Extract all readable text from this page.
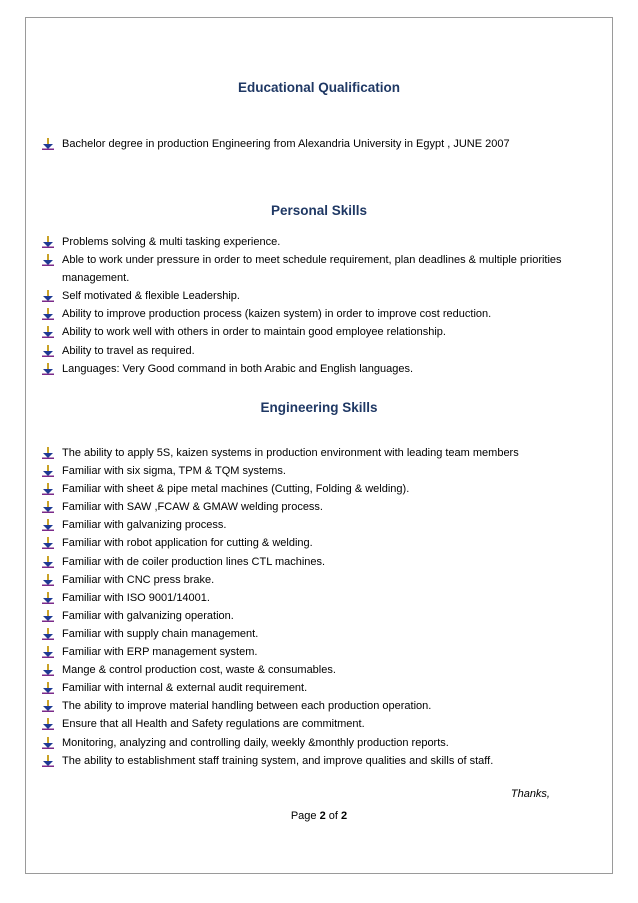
Educational Qualification
Bachelor degree in production Engineering from Alexandria University in Egypt , JUNE 2007
Personal Skills
Problems solving & multi tasking experience.
Able to work under pressure in order to meet schedule requirement, plan deadlines & multiple priorities management.
Self motivated & flexible Leadership.
Ability to improve production process (kaizen system) in order to improve cost reduction.
Ability to work well with others in order to maintain good employee relationship.
Ability to travel as required.
Languages: Very Good command in both Arabic and English languages.
Engineering Skills
The ability to apply 5S, kaizen systems in production environment with leading team members
Familiar with six sigma, TPM & TQM systems.
Familiar with sheet & pipe metal machines (Cutting, Folding & welding).
Familiar with SAW ,FCAW & GMAW welding process.
Familiar with galvanizing process.
Familiar with robot application for cutting & welding.
Familiar with de coiler production lines CTL machines.
Familiar with CNC press brake.
Familiar with ISO 9001/14001.
Familiar with galvanizing operation.
Familiar with supply chain management.
Familiar with ERP management system.
Mange & control production cost, waste & consumables.
Familiar with internal & external audit requirement.
The ability to improve material handling between each production operation.
Ensure that all Health and Safety regulations are commitment.
Monitoring, analyzing and controlling daily, weekly &monthly production reports.
The ability to establishment staff training system, and improve qualities and skills of staff.
Thanks,
Page 2 of 2
